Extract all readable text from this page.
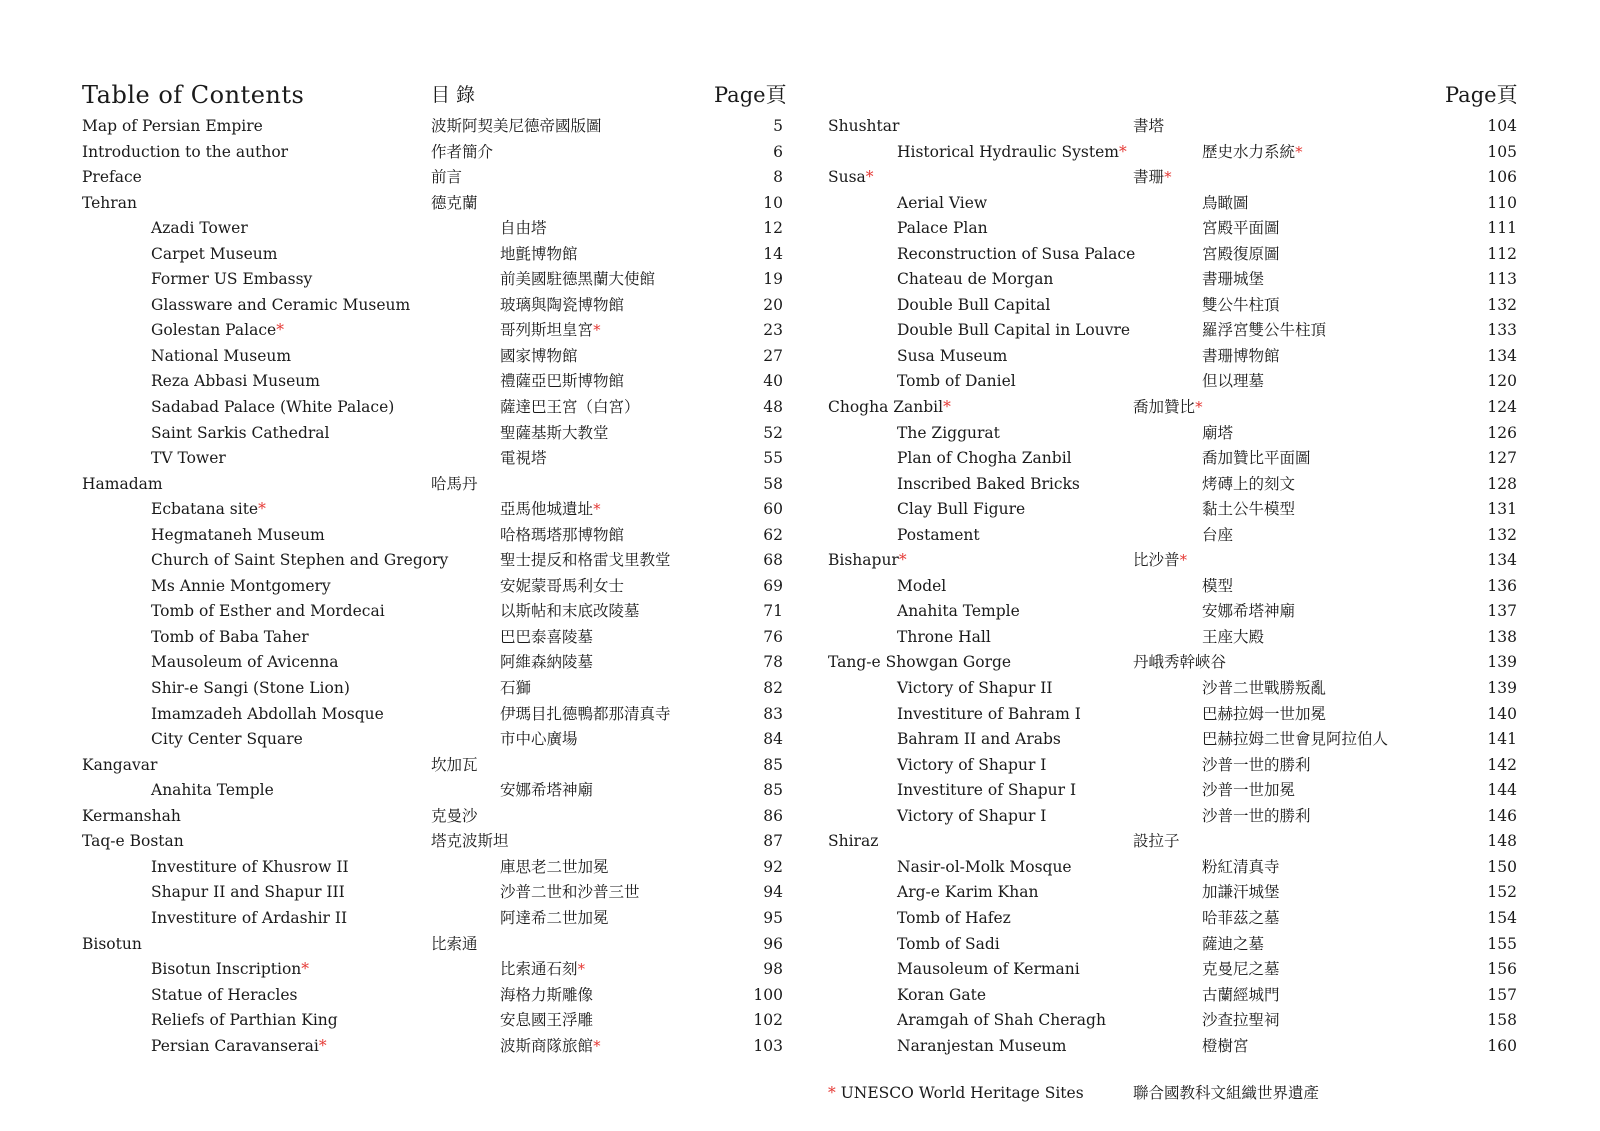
Table of Contents	目 錄	Page頁	Page頁
Map of Persian Empire	波斯阿契美尼德帝國版圖	5
Introduction to the author	作者簡介	6
Preface	前言	8
Tehran	德克蘭	10
Azadi Tower	自由塔	12
Carpet Museum	地氈博物館	14
Former US Embassy	前美國駐德黑蘭大使館	19
Glassware and Ceramic Museum	玻璃與陶瓷博物館	20
Golestan Palace*	哥列斯坦皇宮*	23
National Museum	國家博物館	27
Reza Abbasi Museum	禮薩亞巴斯博物館	40
Sadabad Palace (White Palace)	薩達巴王宮（白宮）	48
Saint Sarkis Cathedral	聖薩基斯大教堂	52
TV Tower	電視塔	55
Hamadam	哈馬丹	58
Ecbatana site*	亞馬他城遺址*	60
Hegmataneh Museum	哈格瑪塔那博物館	62
Church of Saint Stephen and Gregory	聖士提反和格雷戈里教堂	68
Ms Annie Montgomery	安妮蒙哥馬利女士	69
Tomb of Esther and Mordecai	以斯帖和末底改陵墓	71
Tomb of Baba Taher	巴巴泰喜陵墓	76
Mausoleum of Avicenna	阿維森納陵墓	78
Shir-e Sangi (Stone Lion)	石獅	82
Imamzadeh Abdollah Mosque	伊瑪目扎德鴨都那清真寺	83
City Center Square	市中心廣場	84
Kangavar	坎加瓦	85
Anahita Temple	安娜希塔神廟	85
Kermanshah	克曼沙	86
Taq-e Bostan	塔克波斯坦	87
Investiture of Khusrow II	庫思老二世加冕	92
Shapur II and Shapur III	沙普二世和沙普三世	94
Investiture of Ardashir II	阿達希二世加冕	95
Bisotun	比索通	96
Bisotun Inscription*	比索通石刻*	98
Statue of Heracles	海格力斯雕像	100
Reliefs of Parthian King	安息國王浮雕	102
Persian Caravanserai*	波斯商隊旅館*	103
Shushtar	書塔	104
Historical Hydraulic System*	歷史水力系統*	105
Susa*	書珊*	106
Aerial View	鳥瞰圖	110
Palace Plan	宮殿平面圖	111
Reconstruction of Susa Palace	宮殿復原圖	112
Chateau de Morgan	書珊城堡	113
Double Bull Capital	雙公牛柱頂	132
Double Bull Capital in Louvre	羅浮宮雙公牛柱頂	133
Susa Museum	書珊博物館	134
Tomb of Daniel	但以理墓	120
Chogha Zanbil*	喬加贊比*	124
The Ziggurat	廟塔	126
Plan of Chogha Zanbil	喬加贊比平面圖	127
Inscribed Baked Bricks	烤磚上的刻文	128
Clay Bull Figure	黏土公牛模型	131
Postament	台座	132
Bishapur*	比沙普*	134
Model	模型	136
Anahita Temple	安娜希塔神廟	137
Throne Hall	王座大殿	138
Tang-e Showgan Gorge	丹峨秀幹峽谷	139
Victory of Shapur II	沙普二世戰勝叛亂	139
Investiture of Bahram I	巴赫拉姆一世加冕	140
Bahram II and Arabs	巴赫拉姆二世會見阿拉伯人	141
Victory of Shapur I	沙普一世的勝利	142
Investiture of Shapur I	沙普一世加冕	144
Victory of Shapur I	沙普一世的勝利	146
Shiraz	設拉子	148
Nasir-ol-Molk Mosque	粉紅清真寺	150
Arg-e Karim Khan	加謙汗城堡	152
Tomb of Hafez	哈菲茲之墓	154
Tomb of Sadi	薩迪之墓	155
Mausoleum of Kermani	克曼尼之墓	156
Koran Gate	古蘭經城門	157
Aramgah of Shah Cheragh	沙查拉聖祠	158
Naranjestan Museum	橙樹宮	160
* UNESCO World Heritage Sites	聯合國教科文組織世界遺產
